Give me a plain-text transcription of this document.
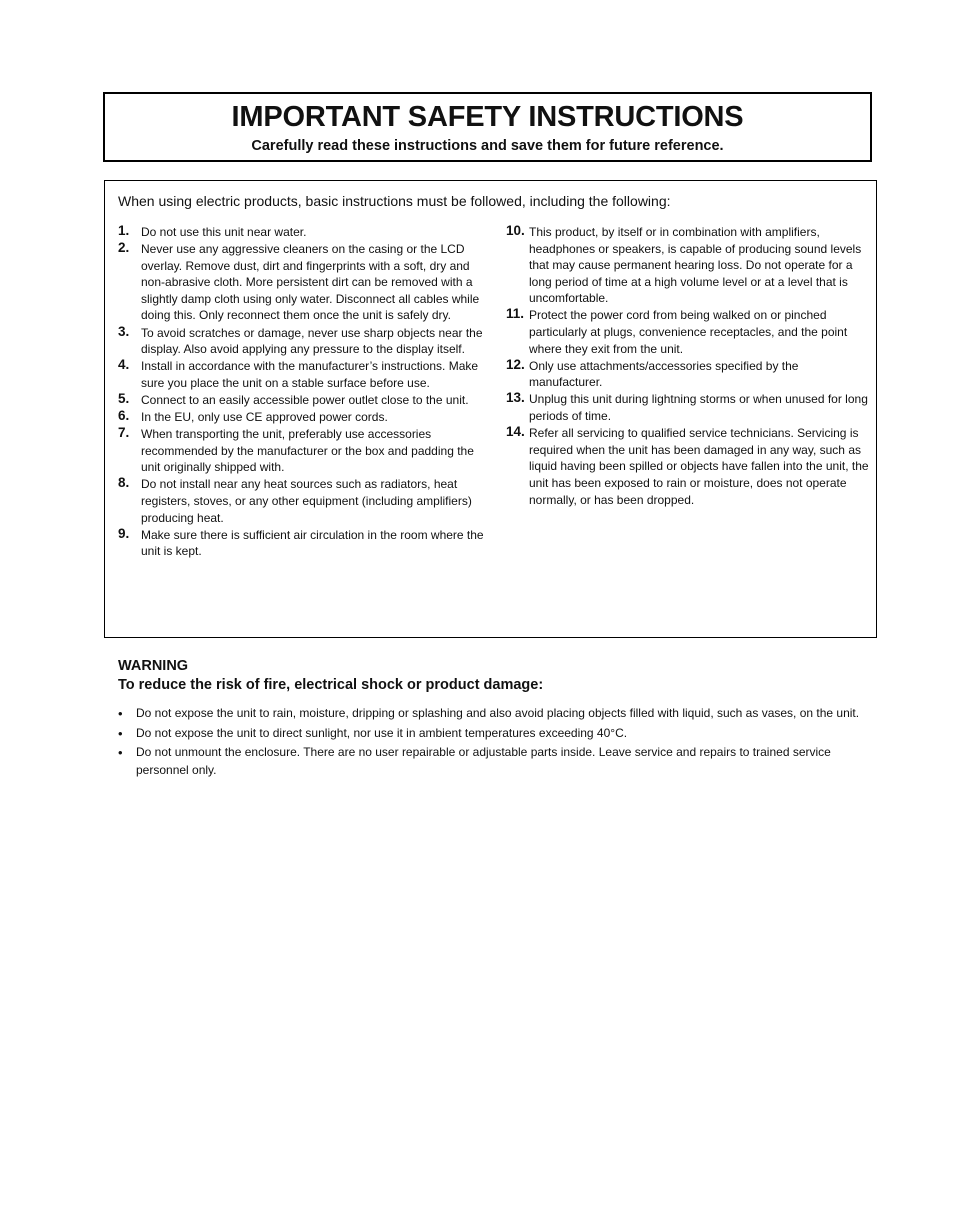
IMPORTANT SAFETY INSTRUCTIONS
Carefully read these instructions and save them for future reference.
When using electric products, basic instructions must be followed, including the following:
1. Do not use this unit near water.
2. Never use any aggressive cleaners on the casing or the LCD overlay. Remove dust, dirt and fingerprints with a soft, dry and non-abrasive cloth. More persistent dirt can be removed with a slightly damp cloth using only water. Disconnect all cables while doing this. Only reconnect them once the unit is safely dry.
3. To avoid scratches or damage, never use sharp objects near the display. Also avoid applying any pressure to the display itself.
4. Install in accordance with the manufacturer’s instructions. Make sure you place the unit on a stable surface before use.
5. Connect to an easily accessible power outlet close to the unit.
6. In the EU, only use CE approved power cords.
7. When transporting the unit, preferably use accessories recommended by the manufacturer or the box and padding the unit originally shipped with.
8. Do not install near any heat sources such as radiators, heat registers, stoves, or any other equipment (including amplifiers) producing heat.
9. Make sure there is sufficient air circulation in the room where the unit is kept.
10. This product, by itself or in combination with amplifiers, headphones or speakers, is capable of producing sound levels that may cause permanent hearing loss. Do not operate for a long period of time at a high volume level or at a level that is uncomfortable.
11. Protect the power cord from being walked on or pinched particularly at plugs, convenience receptacles, and the point where they exit from the unit.
12. Only use attachments/accessories specified by the manufacturer.
13. Unplug this unit during lightning storms or when unused for long periods of time.
14. Refer all servicing to qualified service technicians. Servicing is required when the unit has been damaged in any way, such as liquid having been spilled or objects have fallen into the unit, the unit has been exposed to rain or moisture, does not operate normally, or has been dropped.
WARNING
To reduce the risk of fire, electrical shock or product damage:
• Do not expose the unit to rain, moisture, dripping or splashing and also avoid placing objects filled with liquid, such as vases, on the unit.
• Do not expose the unit to direct sunlight, nor use it in ambient temperatures exceeding 40°C.
• Do not unmount the enclosure. There are no user repairable or adjustable parts inside. Leave service and repairs to trained service personnel only.
